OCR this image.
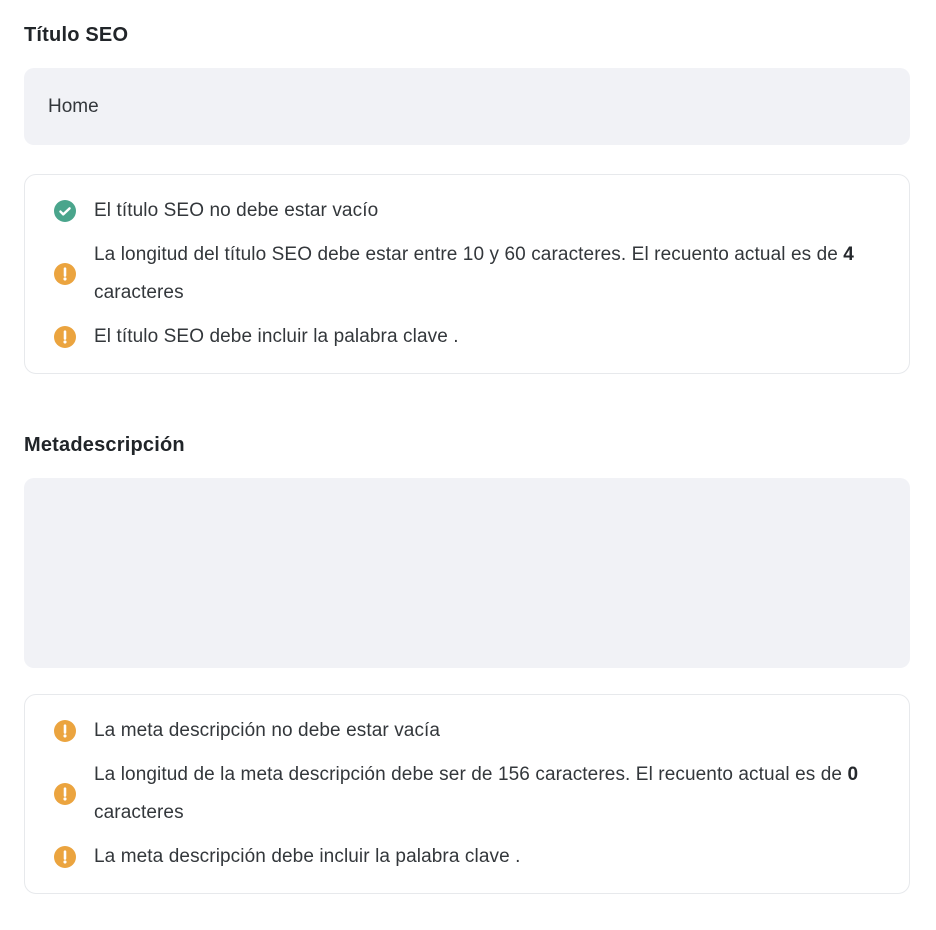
Título SEO
Home
El título SEO no debe estar vacío
La longitud del título SEO debe estar entre 10 y 60 caracteres. El recuento actual es de 4 caracteres
El título SEO debe incluir la palabra clave .
Metadescripción
La meta descripción no debe estar vacía
La longitud de la meta descripción debe ser de 156 caracteres. El recuento actual es de 0 caracteres
La meta descripción debe incluir la palabra clave .
